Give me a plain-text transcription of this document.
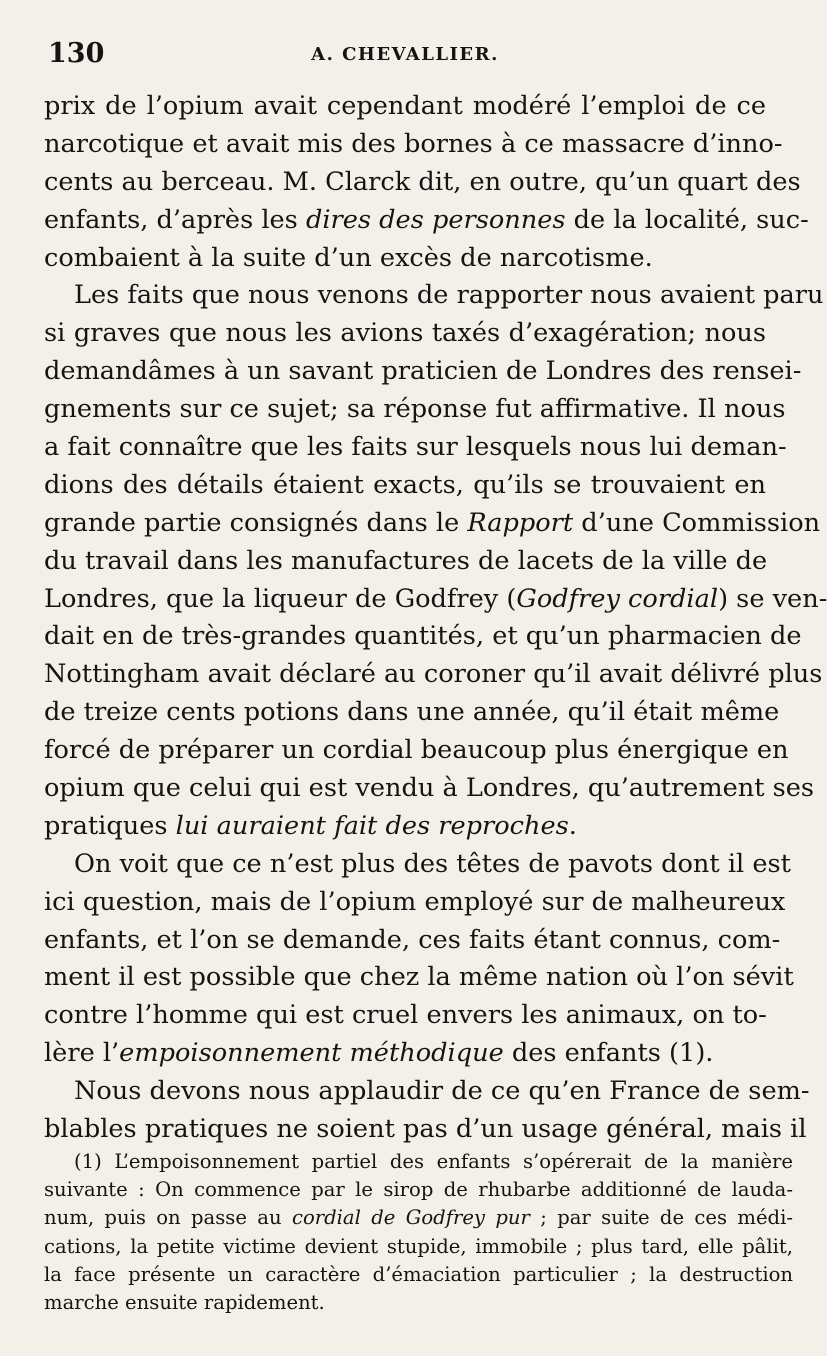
130	A. CHEVALLIER.
prix de l’opium avait cependant modéré l’emploi de ce
narcotique et avait mis des bornes à ce massacre d’inno-
cents au berceau. M. Clarck dit, en outre, qu’un quart des
enfants, d’après les dires des personnes de la localité, suc-
combaient à la suite d’un excès de narcotisme.
Les faits que nous venons de rapporter nous avaient paru
si graves que nous les avions taxés d’exagération; nous
demandâmes à un savant praticien de Londres des rensei-
gnements sur ce sujet; sa réponse fut affirmative. Il nous
a fait connaître que les faits sur lesquels nous lui deman-
dions des détails étaient exacts, qu’ils se trouvaient en
grande partie consignés dans le Rapport d’une Commission
du travail dans les manufactures de lacets de la ville de
Londres, que la liqueur de Godfrey (Godfrey cordial) se ven-
dait en de très-grandes quantités, et qu’un pharmacien de
Nottingham avait déclaré au coroner qu’il avait délivré plus
de treize cents potions dans une année, qu’il était même
forcé de préparer un cordial beaucoup plus énergique en
opium que celui qui est vendu à Londres, qu’autrement ses
pratiques lui auraient fait des reproches.
On voit que ce n’est plus des têtes de pavots dont il est
ici question, mais de l’opium employé sur de malheureux
enfants, et l’on se demande, ces faits étant connus, com-
ment il est possible que chez la même nation où l’on sévit
contre l’homme qui est cruel envers les animaux, on to-
lère l’empoisonnement méthodique des enfants (1).
Nous devons nous applaudir de ce qu’en France de sem-
blables pratiques ne soient pas d’un usage général, mais il
(1) L’empoisonnement partiel des enfants s’opérerait de la manière
suivante : On commence par le sirop de rhubarbe additionné de lauda-
num, puis on passe au cordial de Godfrey pur ; par suite de ces médi-
cations, la petite victime devient stupide, immobile ; plus tard, elle pâlit,
la face présente un caractère d’émaciation particulier ; la destruction
marche ensuite rapidement.
